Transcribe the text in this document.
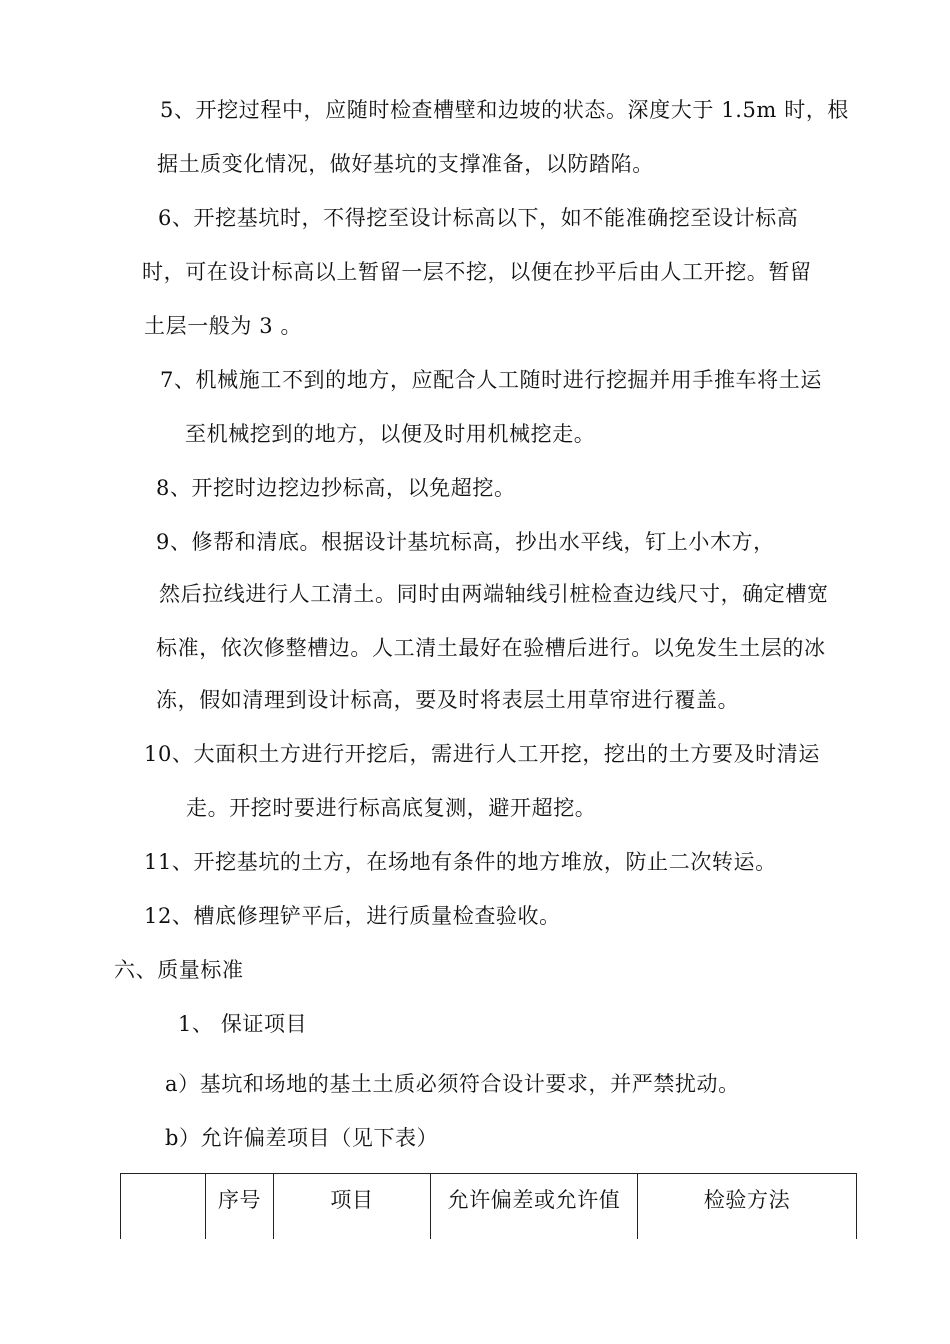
5、开挖过程中，应随时检查槽壁和边坡的状态。深度大于 1.5m 时，根
据土质变化情况，做好基坑的支撑准备，以防踏陷。
6、开挖基坑时，不得挖至设计标高以下，如不能准确挖至设计标高
时，可在设计标高以上暂留一层不挖，以便在抄平后由人工开挖。暂留
土层一般为 3 。
7、机械施工不到的地方，应配合人工随时进行挖掘并用手推车将土运
至机械挖到的地方，以便及时用机械挖走。
8、开挖时边挖边抄标高，以免超挖。
9、修帮和清底。根据设计基坑标高，抄出水平线，钉上小木方，
然后拉线进行人工清土。同时由两端轴线引桩检查边线尺寸，确定槽宽
标准，依次修整槽边。人工清土最好在验槽后进行。以免发生土层的冰
冻，假如清理到设计标高，要及时将表层土用草帘进行覆盖。
10、大面积土方进行开挖后，需进行人工开挖，挖出的土方要及时清运
走。开挖时要进行标高底复测，避开超挖。
11、开挖基坑的土方，在场地有条件的地方堆放，防止二次转运。
12、槽底修理铲平后，进行质量检查验收。
六、质量标准
1、 保证项目
a）基坑和场地的基土土质必须符合设计要求，并严禁扰动。
b）允许偏差项目（见下表）
	序号	项目	允许偏差或允许值	检验方法
